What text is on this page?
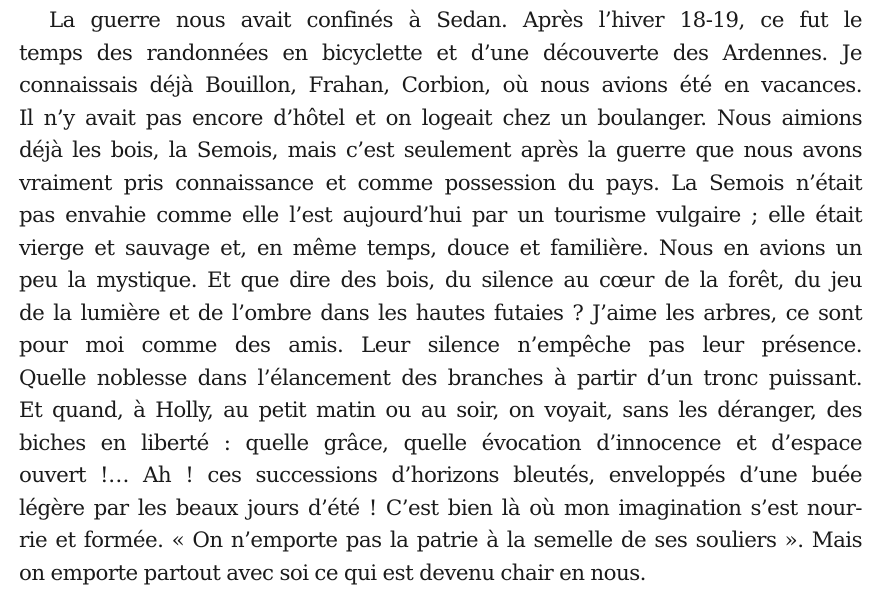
La guerre nous avait confinés à Sedan. Après l’hiver 18-19, ce fut le
temps des randonnées en bicyclette et d’une découverte des Ardennes. Je
connaissais déjà Bouillon, Frahan, Corbion, où nous avions été en vacances.
Il n’y avait pas encore d’hôtel et on logeait chez un boulanger. Nous aimions
déjà les bois, la Semois, mais c’est seulement après la guerre que nous avons
vraiment pris connaissance et comme possession du pays. La Semois n’était
pas envahie comme elle l’est aujourd’hui par un tourisme vulgaire ; elle était
vierge et sauvage et, en même temps, douce et familière. Nous en avions un
peu la mystique. Et que dire des bois, du silence au cœur de la forêt, du jeu
de la lumière et de l’ombre dans les hautes futaies ? J’aime les arbres, ce sont
pour moi comme des amis. Leur silence n’empêche pas leur présence.
Quelle noblesse dans l’élancement des branches à partir d’un tronc puissant.
Et quand, à Holly, au petit matin ou au soir, on voyait, sans les déranger, des
biches en liberté : quelle grâce, quelle évocation d’innocence et d’espace
ouvert !… Ah ! ces successions d’horizons bleutés, enveloppés d’une buée
légère par les beaux jours d’été ! C’est bien là où mon imagination s’est nour-
rie et formée. « On n’emporte pas la patrie à la semelle de ses souliers ». Mais
on emporte partout avec soi ce qui est devenu chair en nous.
